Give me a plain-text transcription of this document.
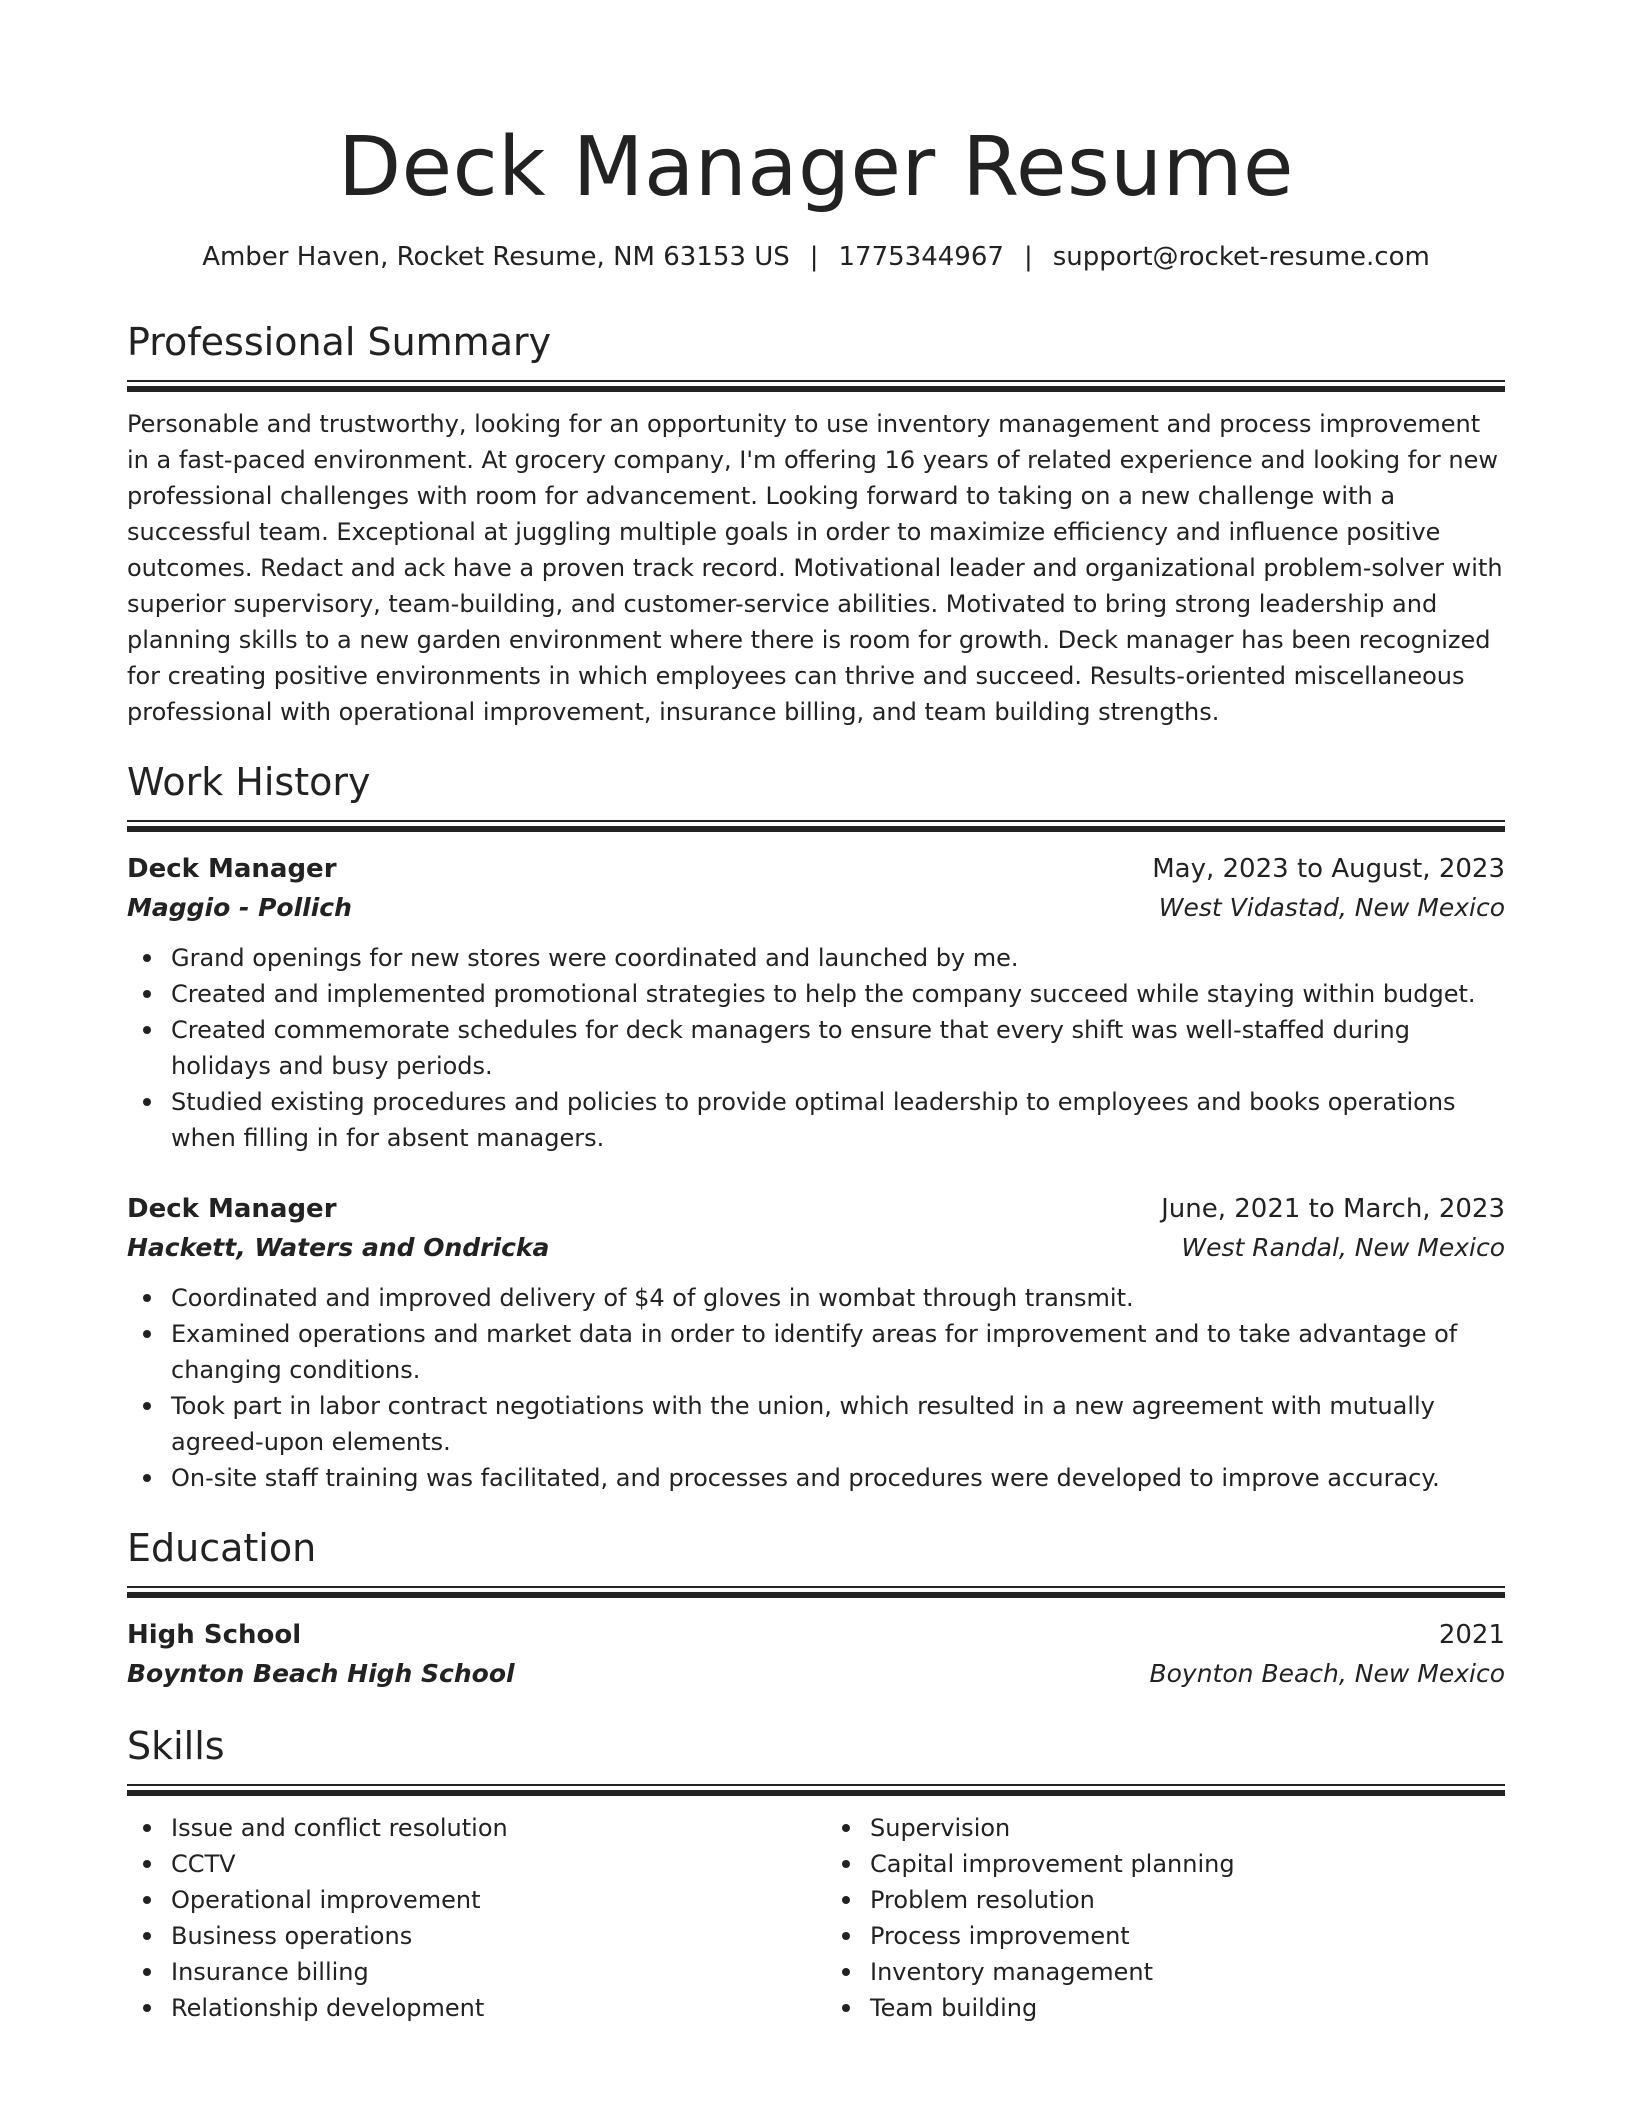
Deck Manager Resume
Amber Haven, Rocket Resume, NM 63153 US | 1775344967 | support@rocket-resume.com
Professional Summary

Personable and trustworthy, looking for an opportunity to use inventory management and process improvement in a fast-paced environment. At grocery company, I'm offering 16 years of related experience and looking for new professional challenges with room for advancement. Looking forward to taking on a new challenge with a successful team. Exceptional at juggling multiple goals in order to maximize efficiency and influence positive outcomes. Redact and ack have a proven track record. Motivational leader and organizational problem-solver with superior supervisory, team-building, and customer-service abilities. Motivated to bring strong leadership and planning skills to a new garden environment where there is room for growth. Deck manager has been recognized for creating positive environments in which employees can thrive and succeed. Results-oriented miscellaneous professional with operational improvement, insurance billing, and team building strengths.

Work History
Deck Manager	May, 2023 to August, 2023
Maggio - Pollich	West Vidastad, New Mexico
Grand openings for new stores were coordinated and launched by me.
Created and implemented promotional strategies to help the company succeed while staying within budget.
Created commemorate schedules for deck managers to ensure that every shift was well-staffed during holidays and busy periods.
Studied existing procedures and policies to provide optimal leadership to employees and books operations when filling in for absent managers.
Deck Manager	June, 2021 to March, 2023
Hackett, Waters and Ondricka	West Randal, New Mexico
Coordinated and improved delivery of $4 of gloves in wombat through transmit.
Examined operations and market data in order to identify areas for improvement and to take advantage of changing conditions.
Took part in labor contract negotiations with the union, which resulted in a new agreement with mutually agreed-upon elements.
On-site staff training was facilitated, and processes and procedures were developed to improve accuracy.
Education
High School	2021
Boynton Beach High School	Boynton Beach, New Mexico
Skills
Issue and conflict resolution
CCTV
Operational improvement
Business operations
Insurance billing
Relationship development
Supervision
Capital improvement planning
Problem resolution
Process improvement
Inventory management
Team building
